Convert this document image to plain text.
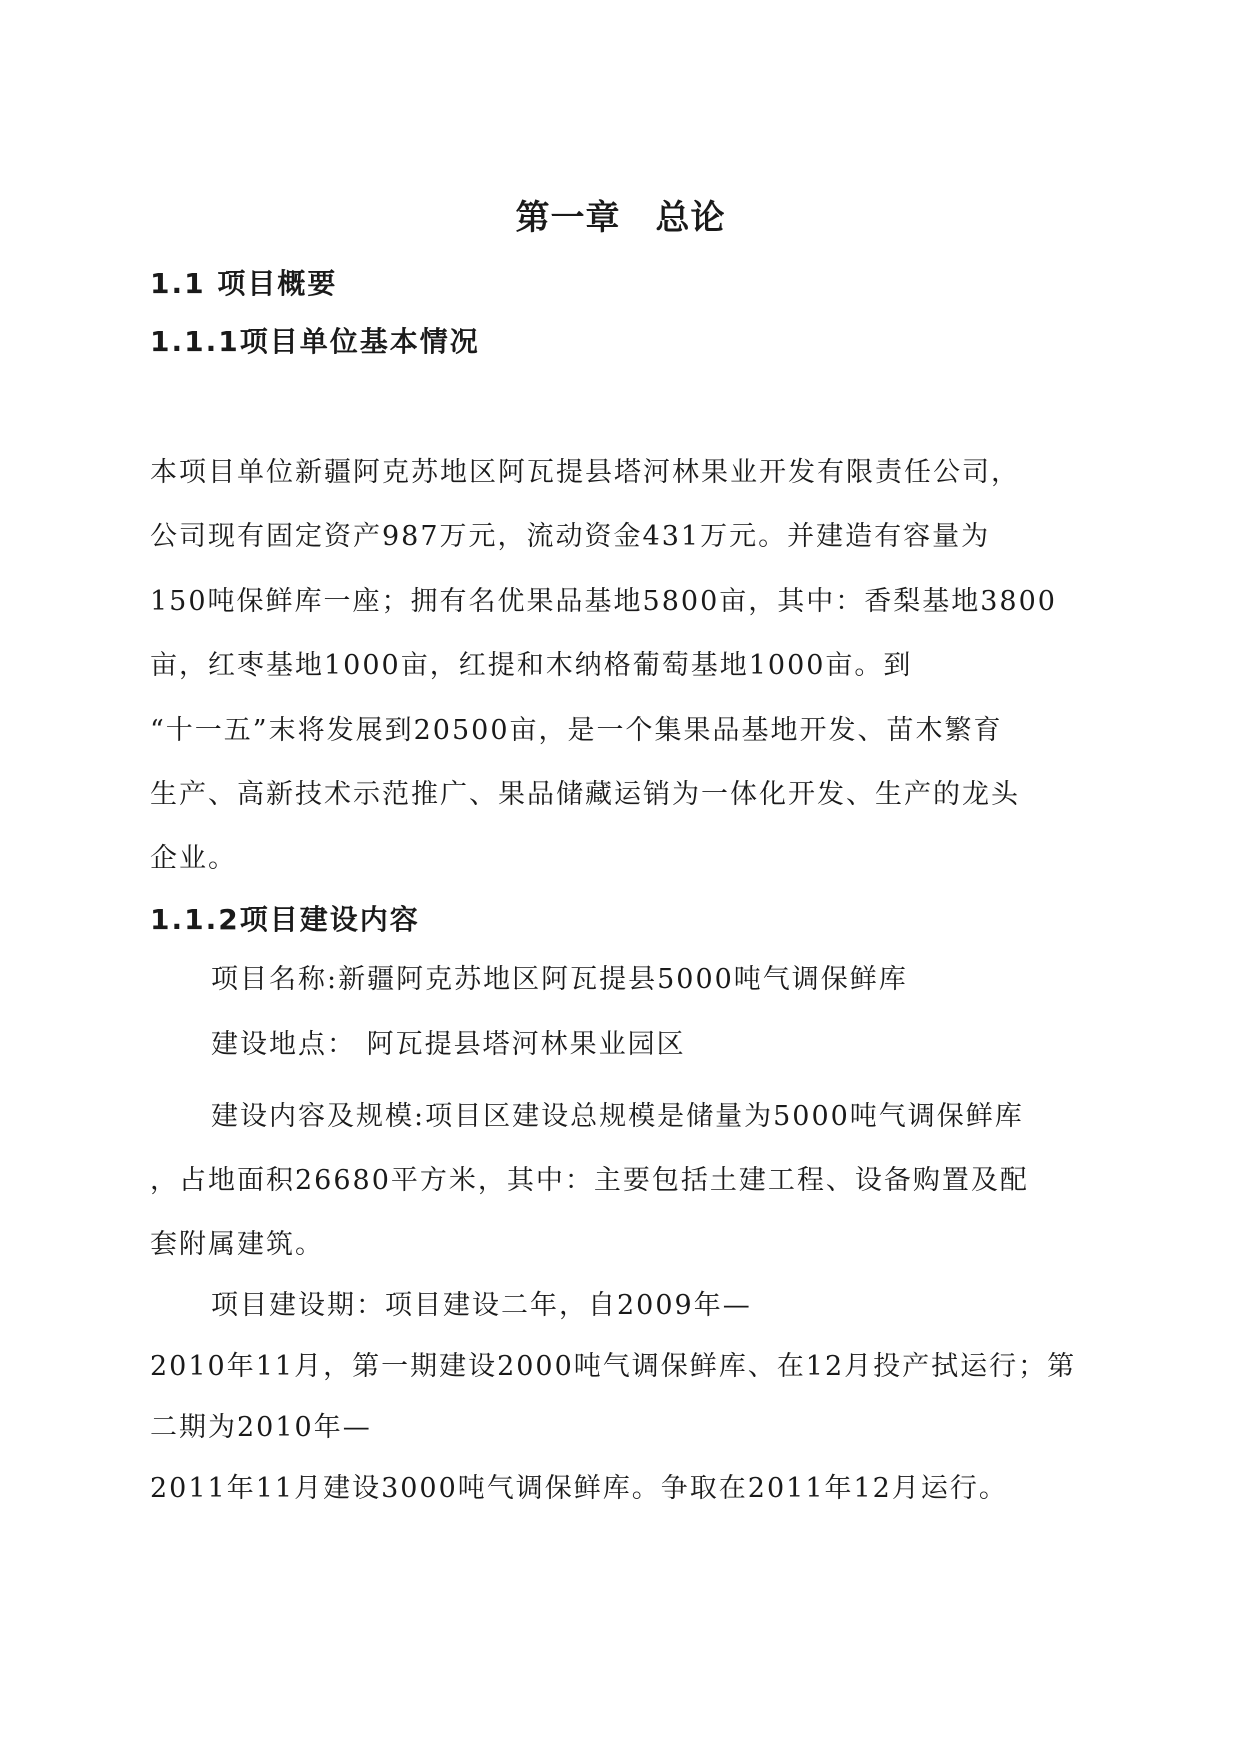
第一章　总论
1.1 项目概要
1.1.1项目单位基本情况
本项目单位新疆阿克苏地区阿瓦提县塔河林果业开发有限责任公司，
公司现有固定资产987万元，流动资金431万元。并建造有容量为
150吨保鲜库一座；拥有名优果品基地5800亩，其中：香梨基地3800
亩，红枣基地1000亩，红提和木纳格葡萄基地1000亩。到
“十一五”末将发展到20500亩，是一个集果品基地开发、苗木繁育
生产、高新技术示范推广、果品储藏运销为一体化开发、生产的龙头
企业。
1.1.2项目建设内容
项目名称:新疆阿克苏地区阿瓦提县5000吨气调保鲜库
建设地点： 阿瓦提县塔河林果业园区
建设内容及规模:项目区建设总规模是储量为5000吨气调保鲜库
，占地面积26680平方米，其中：主要包括土建工程、设备购置及配
套附属建筑。
项目建设期：项目建设二年，自2009年—
2010年11月，第一期建设2000吨气调保鲜库、在12月投产拭运行；第
二期为2010年—
2011年11月建设3000吨气调保鲜库。争取在2011年12月运行。
